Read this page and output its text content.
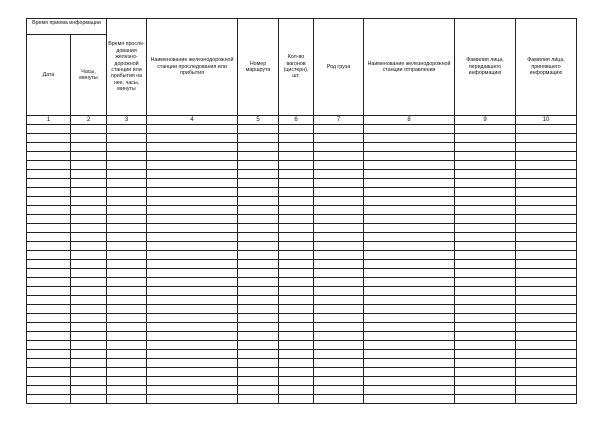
Время приема информации		Время просле-дования железно-дорожной станции или прибытия на нее, часы, минуты	Наименование железнодорожной станции проследования или прибытия	Номер маршрута	Кол-во вагонов (цистерн), шт.	Род груза	Наименование железнодорожной станции отправления	Фамилия лица, передавшего информацию	Фамилия лица, принявшего информацию
Дата	Часы, минуты								
1	2	3	4	5	6	7	8	9	10
